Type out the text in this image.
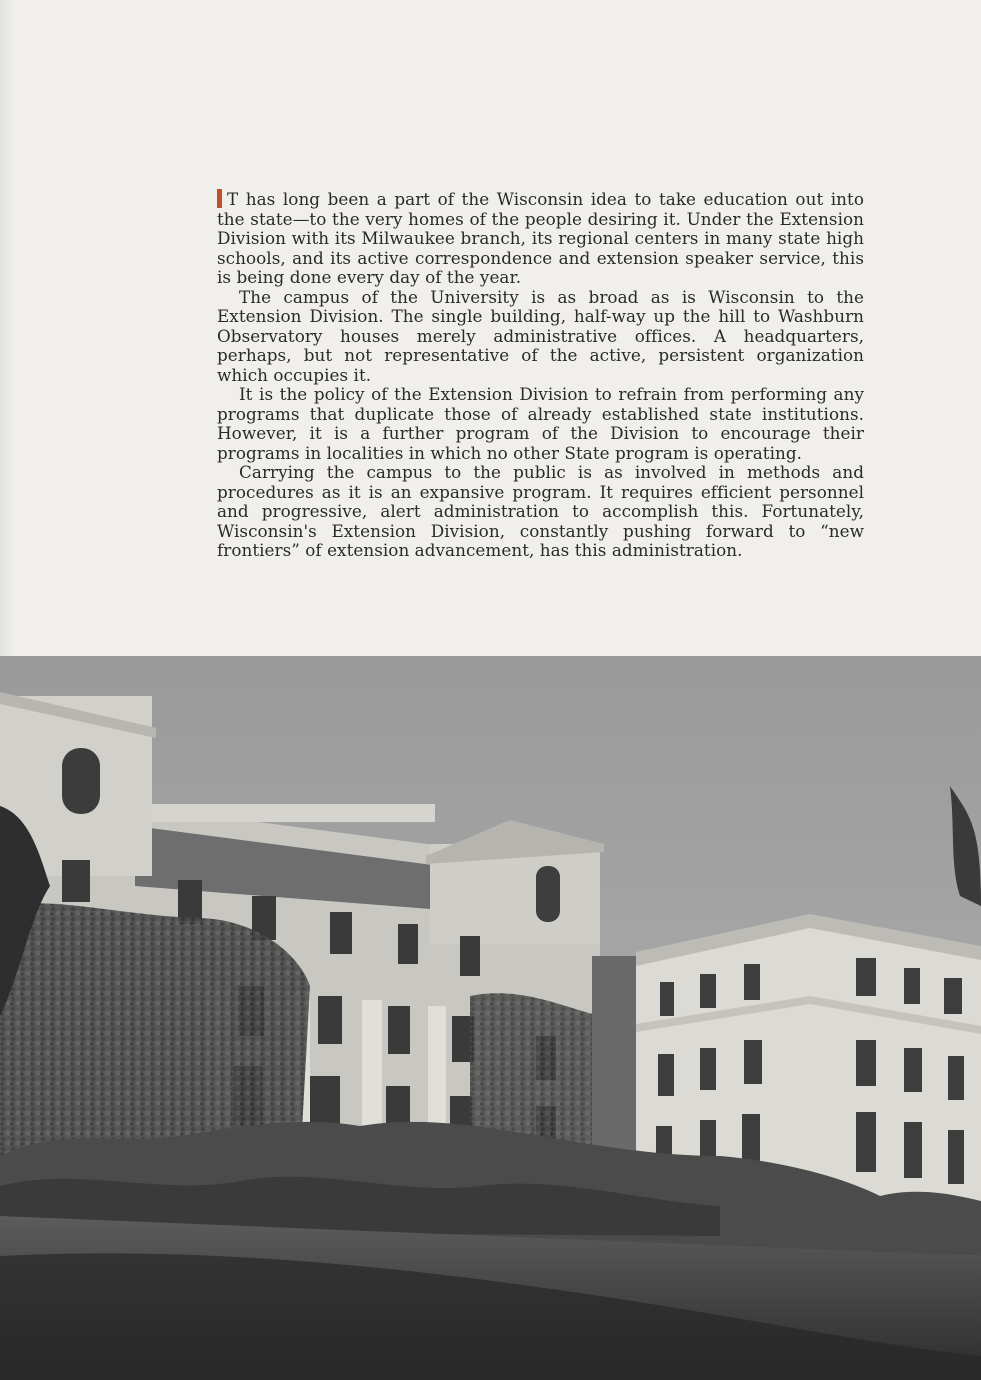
T has long been a part of the Wisconsin idea to take education out into the state—to the very homes of the people desiring it. Under the Extension Division with its Milwaukee branch, its regional centers in many state high schools, and its active correspondence and extension speaker service, this is being done every day of the year.

The campus of the University is as broad as is Wisconsin to the Extension Division. The single building, half-way up the hill to Washburn Observatory houses merely administrative offices. A headquarters, perhaps, but not representative of the active, persistent organization which occupies it.

It is the policy of the Extension Division to refrain from performing any programs that duplicate those of already established state institutions. However, it is a further program of the Division to encourage their programs in localities in which no other State program is operating.

Carrying the campus to the public is as involved in methods and procedures as it is an expansive program. It requires efficient personnel and progressive, alert administration to accomplish this. Fortunately, Wisconsin's Extension Division, constantly pushing forward to “new frontiers” of extension advancement, has this administration.
